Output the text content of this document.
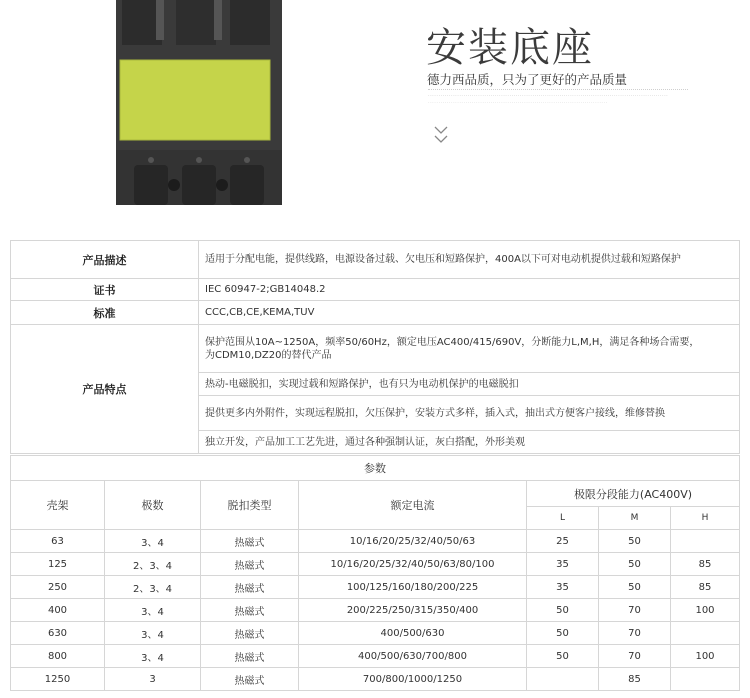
安装底座
德力西品质，只为了更好的产品质量
...................................................................................................................
......................................................................................
产品描述	适用于分配电能，提供线路，电源设备过载、欠电压和短路保护，400A以下可对电动机提供过载和短路保护
证书	IEC 60947-2;GB14048.2
标准	CCC,CB,CE,KEMA,TUV
产品特点	保护范围从10A~1250A，频率50/60Hz，额定电压AC400/415/690V，分断能力L,M,H，满足各种场合需要，
为CDM10,DZ20的替代产品

	热动-电磁脱扣，实现过载和短路保护，也有只为电动机保护的电磁脱扣
	提供更多内外附件，实现远程脱扣，欠压保护，安装方式多样，插入式，抽出式方便客户接线，维修替换
	独立开发，产品加工工艺先进，通过各种强制认证，灰白搭配，外形美观
参数						
壳架	极数	脱扣类型	额定电流	极限分段能力(AC400V)		
				L	M	H
63	3、4	热磁式	10/16/20/25/32/40/50/63	25	50	
125	2、3、4	热磁式	10/16/20/25/32/40/50/63/80/100	35	50	85
250	2、3、4	热磁式	100/125/160/180/200/225	35	50	85
400	3、4	热磁式	200/225/250/315/350/400	50	70	100
630	3、4	热磁式	400/500/630	50	70	
800	3、4	热磁式	400/500/630/700/800	50	70	100
1250	3	热磁式	700/800/1000/1250		85	
